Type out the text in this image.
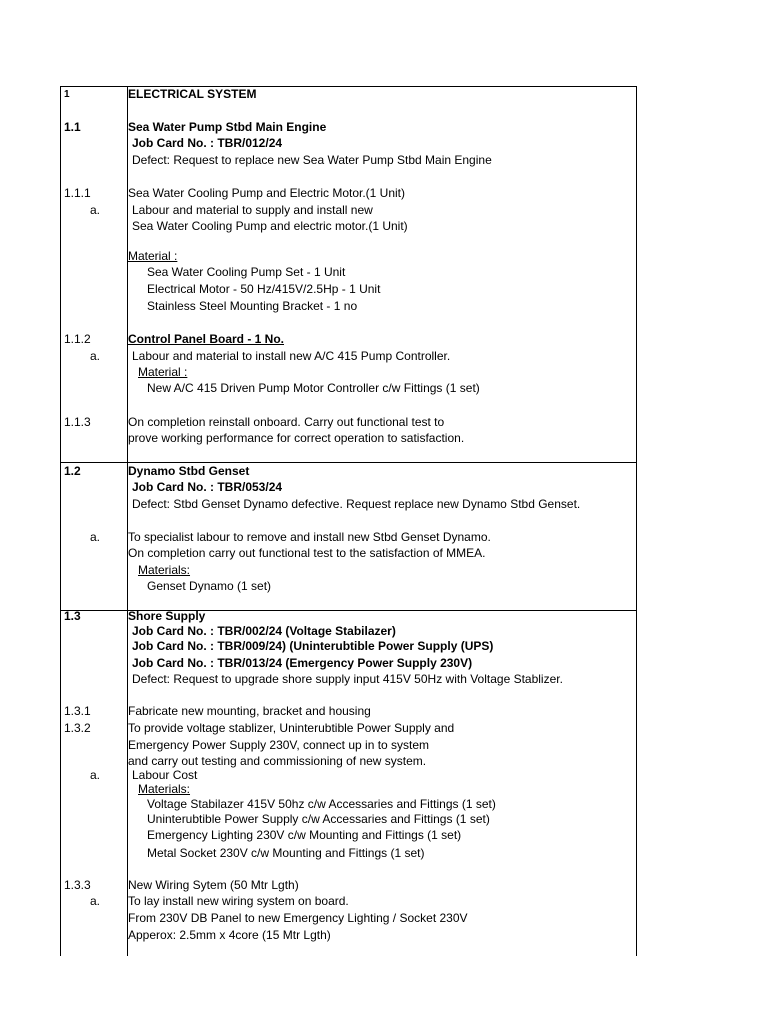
1	ELECTRICAL SYSTEM
1.1	Sea Water Pump Stbd Main Engine
Job Card No. : TBR/012/24
Defect: Request to replace new Sea Water Pump Stbd Main Engine
1.1.1	Sea Water Cooling Pump and Electric Motor.(1 Unit)
a.	Labour and material to supply and install new
Sea Water Cooling Pump and electric motor.(1 Unit)
Material :
Sea Water Cooling Pump Set - 1 Unit
Electrical Motor - 50 Hz/415V/2.5Hp - 1 Unit
Stainless Steel Mounting Bracket - 1 no
1.1.2	Control Panel Board - 1 No.
a.	Labour and material to install new A/C 415 Pump Controller.
Material :
New A/C 415 Driven Pump Motor Controller c/w Fittings (1 set)
1.1.3	On completion reinstall onboard. Carry out functional test to
prove working performance for correct operation to satisfaction.
1.2	Dynamo Stbd Genset
Job Card No. : TBR/053/24
Defect: Stbd Genset Dynamo defective. Request replace new Dynamo Stbd Genset.
a. To specialist labour to remove and install new Stbd Genset Dynamo.
On completion carry out functional test to the satisfaction of MMEA.
Materials:
Genset Dynamo (1 set)
1.3	Shore Supply
Job Card No. : TBR/002/24 (Voltage Stabilazer)
Job Card No. : TBR/009/24) (Uninterubtible Power Supply (UPS)
Job Card No. : TBR/013/24 (Emergency Power Supply 230V)
Defect: Request to upgrade shore supply input 415V 50Hz with Voltage Stablizer.
1.3.1	Fabricate new mounting, bracket and housing
1.3.2	To provide voltage stablizer, Uninterubtible Power Supply and
Emergency Power Supply 230V, connect up in to system
and carry out testing and commissioning of new system.
a.	Labour Cost
Materials:
Voltage Stabilazer 415V 50hz c/w Accessaries and Fittings (1 set)
Uninterubtible Power Supply c/w Accessaries and Fittings (1 set)
Emergency Lighting 230V c/w Mounting and Fittings (1 set)
Metal Socket 230V c/w Mounting and Fittings (1 set)
1.3.3	New Wiring Sytem (50 Mtr Lgth)
a. To lay install new wiring system on board.
From 230V DB Panel to new Emergency Lighting / Socket 230V
Apperox: 2.5mm x 4core (15 Mtr Lgth)
